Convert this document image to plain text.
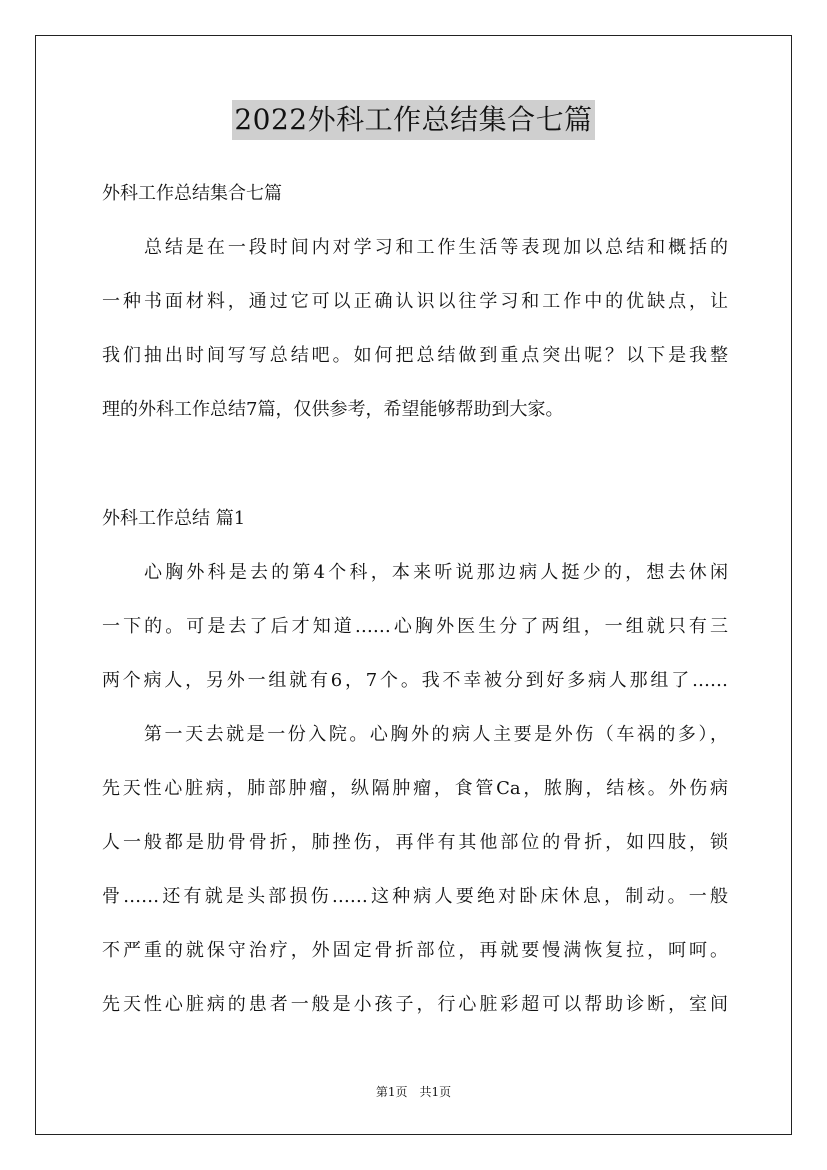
2022外科工作总结集合七篇
外科工作总结集合七篇
总结是在一段时间内对学习和工作生活等表现加以总结和概括的
一种书面材料，通过它可以正确认识以往学习和工作中的优缺点，让
我们抽出时间写写总结吧。如何把总结做到重点突出呢？以下是我整
理的外科工作总结7篇，仅供参考，希望能够帮助到大家。
外科工作总结 篇1
心胸外科是去的第4个科，本来听说那边病人挺少的，想去休闲
一下的。可是去了后才知道……心胸外医生分了两组，一组就只有三
两个病人，另外一组就有6，7个。我不幸被分到好多病人那组了……
第一天去就是一份入院。心胸外的病人主要是外伤（车祸的多），
先天性心脏病，肺部肿瘤，纵隔肿瘤，食管Ca，脓胸，结核。外伤病
人一般都是肋骨骨折，肺挫伤，再伴有其他部位的骨折，如四肢，锁
骨……还有就是头部损伤……这种病人要绝对卧床休息，制动。一般
不严重的就保守治疗，外固定骨折部位，再就要慢满恢复拉，呵呵。
先天性心脏病的患者一般是小孩子，行心脏彩超可以帮助诊断，室间
第1页　共1页
